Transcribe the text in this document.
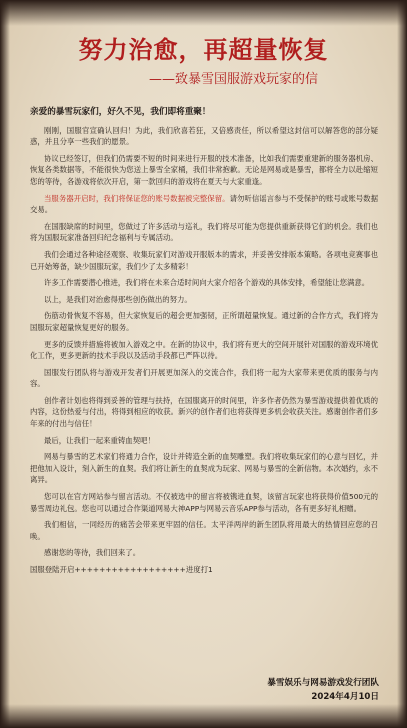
努力治愈，再超量恢复
——致暴雪国服游戏玩家的信

亲爱的暴雪玩家们，好久不见，我们即将重聚！

刚刚，国服官宣确认回归！为此，我们欣喜若狂，又倍感责任，所以希望这封信可以解答您的部分疑惑，并且分享一些我们的愿景。

协议已经签订，但我们仍需要不短的时间来进行开服的技术准备，比如我们需要重建新的服务器机房、恢复各类数据等，不能很快为您送上暴雪全家桶，我们非常抱歉。无论是网易或是暴雪，都将全力以赴缩短您的等待，各游戏将依次开启，第一款回归的游戏将在夏天与大家重逢。

当服务器开启时，我们将保证您的账号数据被完整保留。请勿听信谣言参与不受保护的账号或账号数据交易。

在国服缺席的时间里，您做过了许多活动与巡礼，我们将尽可能为您提供重新获得它们的机会。我们也将为国服玩家准备回归纪念福利与专属活动。

我们会通过各种途径观察、收集玩家们对游戏开服版本的需求，并妥善安排版本策略。各项电竞赛事也已开始筹备，缺少国服玩家，我们少了太多精彩！

许多工作需要潜心推进，我们将在未来合适时间向大家介绍各个游戏的具体安排，希望能让您满意。

以上，是我们对治愈得那些创伤做出的努力。

伤筋动骨恢复不容易，但大家恢复后的超会更加强韧，正所谓超量恢复。通过新的合作方式，我们将为国服玩家超量恢复更好的服务。

更多的反馈并措施将被加入游戏之中。在新的协议中，我们将有更大的空间开展针对国服的游戏环境优化工作，更多更新的技术手段以及活动手段都已严阵以待。

国服发行团队将与游戏开发者们开展更加深入的交流合作，我们将一起为大家带来更优质的服务与内容。

创作者计划也将得到妥善的管理与扶持，在国服离开的时间里，许多作者仍然为暴雪游戏提供着优质的内容，这份热爱与付出，将得到相应的收获。新兴的创作者们也将获得更多机会收获关注。感谢创作者们多年来的付出与信任！

最后，让我们一起来重铸血契吧！

网易与暴雪的艺术家们将通力合作，设计并铸造全新的血契雕塑。我们将收集玩家们的心意与回忆，并把他加入设计，刻入新生的血契。我们将让新生的血契成为玩家、网易与暴雪的全新信物。本次婚约，永不离异。

您可以在官方网站参与留言活动。不仅被选中的留言将被镌进血契，该留言玩家也将获得价值500元的暴雪周边礼包。您也可以通过合作渠道网易大神APP与网易云音乐APP参与活动，各有更多好礼相赠。

我们相信，一同经历的痛苦会带来更牢固的信任。太平洋两岸的新生团队将用最大的热情回应您的召唤。

感谢您的等待，我们回来了。

国服登陆开启++++++++++++++++++进度打1

暴雪娱乐与网易游戏发行团队
2024年4月10日
